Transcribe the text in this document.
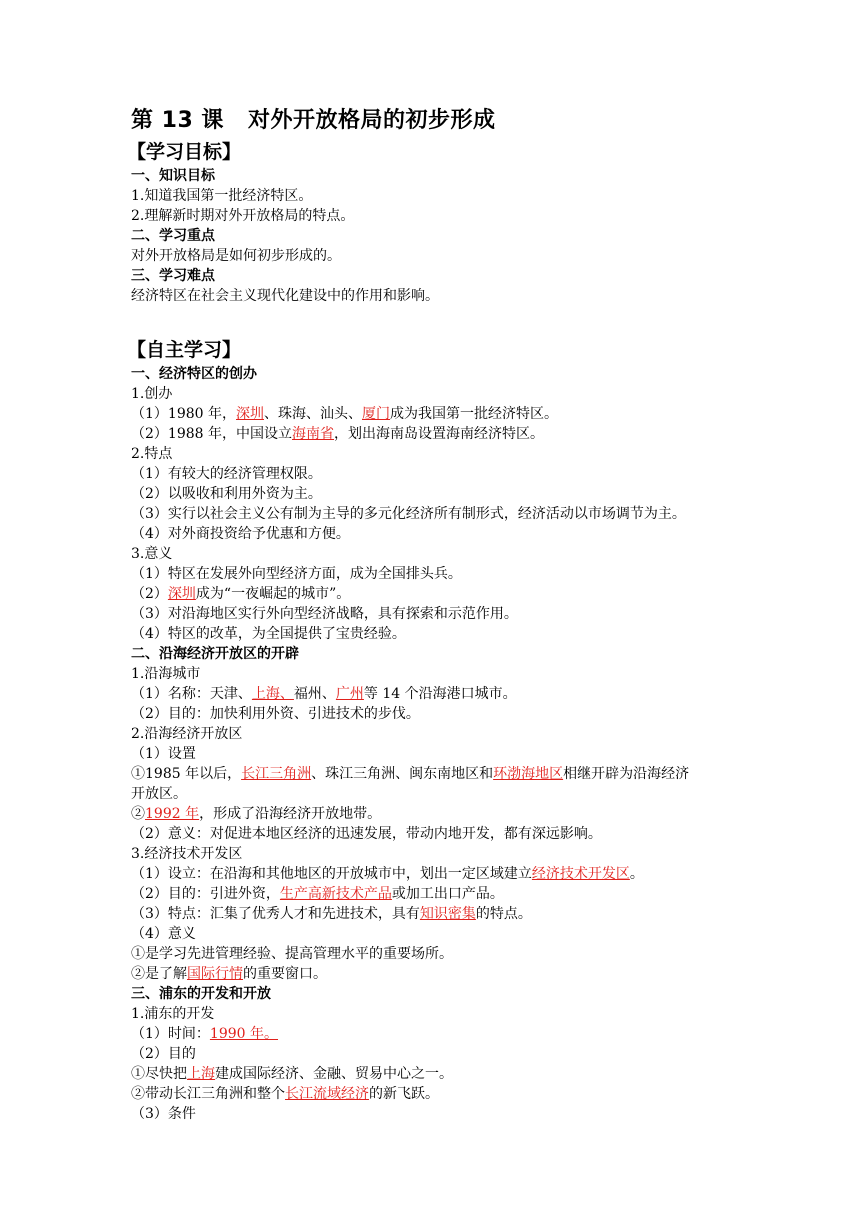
第 13 课 对外开放格局的初步形成
【学习目标】
一、知识目标
1.知道我国第一批经济特区。
2.理解新时期对外开放格局的特点。
二、学习重点
对外开放格局是如何初步形成的。
三、学习难点
经济特区在社会主义现代化建设中的作用和影响。
【自主学习】
一、经济特区的创办
1.创办
（1）1980 年，深圳、珠海、汕头、厦门成为我国第一批经济特区。
（2）1988 年，中国设立海南省，划出海南岛设置海南经济特区。
2.特点
（1）有较大的经济管理权限。
（2）以吸收和利用外资为主。
（3）实行以社会主义公有制为主导的多元化经济所有制形式，经济活动以市场调节为主。
（4）对外商投资给予优惠和方便。
3.意义
（1）特区在发展外向型经济方面，成为全国排头兵。
（2）深圳成为“一夜崛起的城市”。
（3）对沿海地区实行外向型经济战略，具有探索和示范作用。
（4）特区的改革，为全国提供了宝贵经验。
二、沿海经济开放区的开辟
1.沿海城市
（1）名称：天津、上海、福州、广州等 14 个沿海港口城市。
（2）目的：加快利用外资、引进技术的步伐。
2.沿海经济开放区
（1）设置
①1985 年以后，长江三角洲、珠江三角洲、闽东南地区和环渤海地区相继开辟为沿海经济
开放区。
②1992 年，形成了沿海经济开放地带。
（2）意义：对促进本地区经济的迅速发展，带动内地开发，都有深远影响。
3.经济技术开发区
（1）设立：在沿海和其他地区的开放城市中，划出一定区域建立经济技术开发区。
（2）目的：引进外资，生产高新技术产品或加工出口产品。
（3）特点：汇集了优秀人才和先进技术，具有知识密集的特点。
（4）意义
①是学习先进管理经验、提高管理水平的重要场所。
②是了解国际行情的重要窗口。
三、浦东的开发和开放
1.浦东的开发
（1）时间：1990 年。
（2）目的
①尽快把上海建成国际经济、金融、贸易中心之一。
②带动长江三角洲和整个长江流域经济的新飞跃。
（3）条件
